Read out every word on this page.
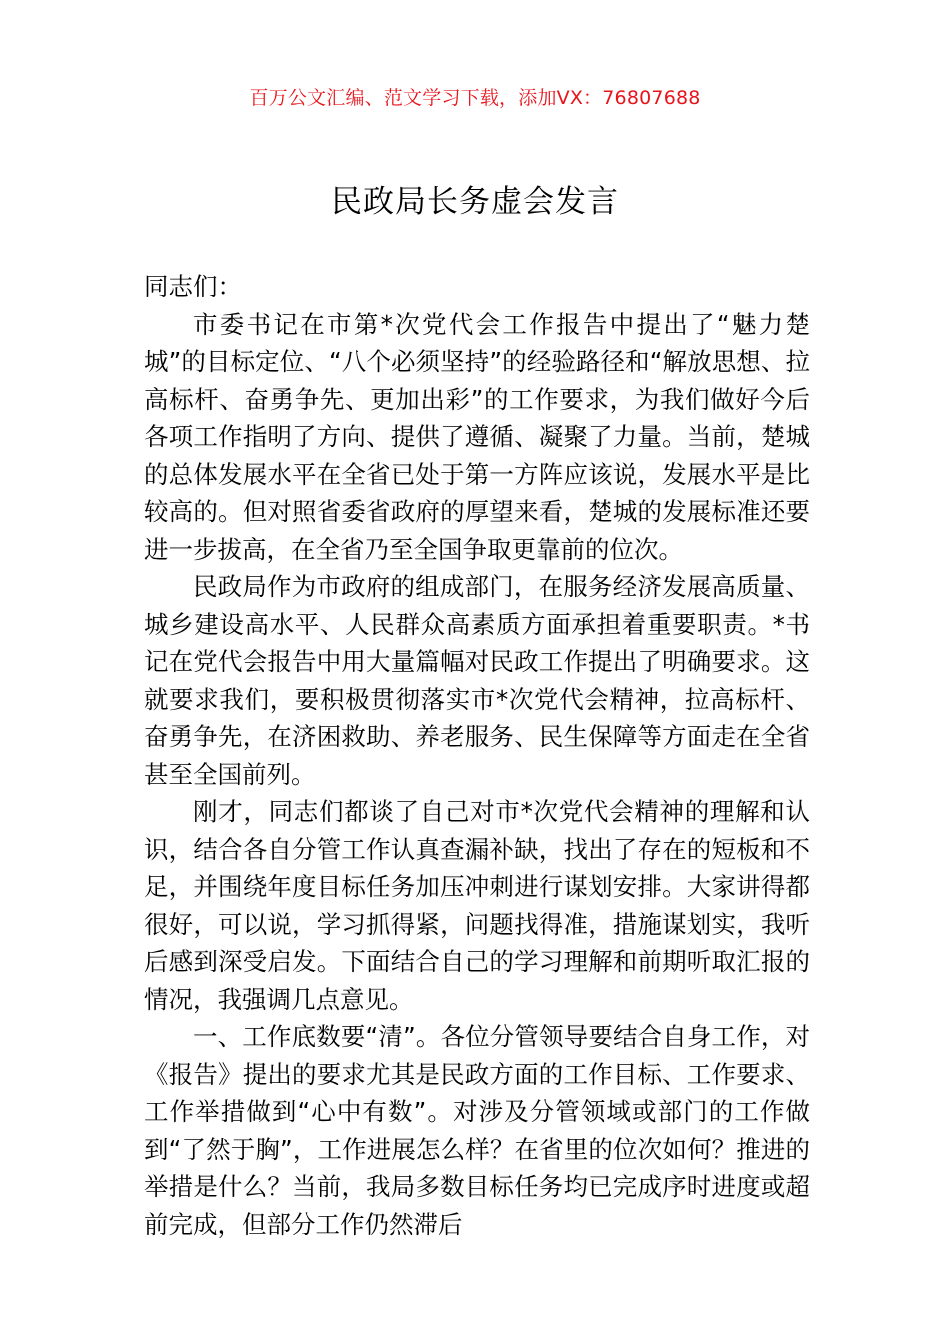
百万公文汇编、范文学习下载，添加VX：76807688
民政局长务虚会发言

同志们：

市委书记在市第*次党代会工作报告中提出了“魅力楚城”的目标定位、“八个必须坚持”的经验路径和“解放思想、拉高标杆、奋勇争先、更加出彩”的工作要求，为我们做好今后各项工作指明了方向、提供了遵循、凝聚了力量。当前，楚城的总体发展水平在全省已处于第一方阵应该说，发展水平是比较高的。但对照省委省政府的厚望来看，楚城的发展标准还要进一步拔高，在全省乃至全国争取更靠前的位次。

民政局作为市政府的组成部门，在服务经济发展高质量、城乡建设高水平、人民群众高素质方面承担着重要职责。*书记在党代会报告中用大量篇幅对民政工作提出了明确要求。这就要求我们，要积极贯彻落实市*次党代会精神，拉高标杆、奋勇争先，在济困救助、养老服务、民生保障等方面走在全省甚至全国前列。

刚才，同志们都谈了自己对市*次党代会精神的理解和认识，结合各自分管工作认真查漏补缺，找出了存在的短板和不足，并围绕年度目标任务加压冲刺进行谋划安排。大家讲得都很好，可以说，学习抓得紧，问题找得准，措施谋划实，我听后感到深受启发。下面结合自己的学习理解和前期听取汇报的情况，我强调几点意见。

一、工作底数要“清”。各位分管领导要结合自身工作，对《报告》提出的要求尤其是民政方面的工作目标、工作要求、工作举措做到“心中有数”。对涉及分管领域或部门的工作做到“了然于胸”，工作进展怎么样？在省里的位次如何？推进的举措是什么？当前，我局多数目标任务均已完成序时进度或超前完成，但部分工作仍然滞后
